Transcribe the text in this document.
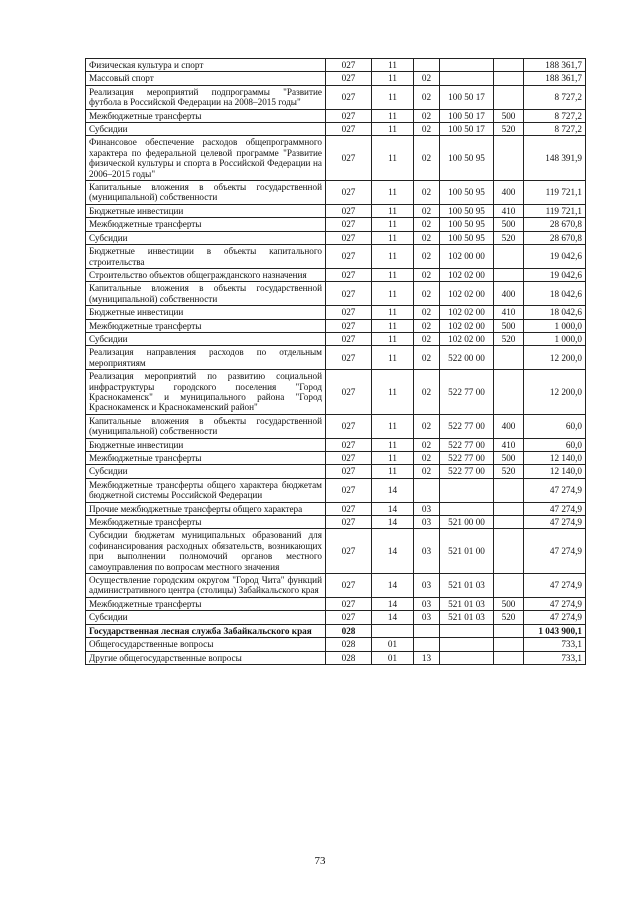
Физическая культура и спорт	027	11				188 361,7
Массовый спорт	027	11	02			188 361,7
Реализация мероприятий подпрограммы "Развитие футбола в Российской Федерации на 2008–2015 годы"	027	11	02	100 50 17		8 727,2
Межбюджетные трансферты	027	11	02	100 50 17	500	8 727,2
Субсидии	027	11	02	100 50 17	520	8 727,2
Финансовое обеспечение расходов общепрограммного характера по федеральной целевой программе "Развитие физической культуры и спорта в Российской Федерации на 2006–2015 годы"	027	11	02	100 50 95		148 391,9
Капитальные вложения в объекты государственной (муниципальной) собственности	027	11	02	100 50 95	400	119 721,1
Бюджетные инвестиции	027	11	02	100 50 95	410	119 721,1
Межбюджетные трансферты	027	11	02	100 50 95	500	28 670,8
Субсидии	027	11	02	100 50 95	520	28 670,8
Бюджетные инвестиции в объекты капитального строительства	027	11	02	102 00 00		19 042,6
Строительство объектов общегражданского назначения	027	11	02	102 02 00		19 042,6
Капитальные вложения в объекты государственной (муниципальной) собственности	027	11	02	102 02 00	400	18 042,6
Бюджетные инвестиции	027	11	02	102 02 00	410	18 042,6
Межбюджетные трансферты	027	11	02	102 02 00	500	1 000,0
Субсидии	027	11	02	102 02 00	520	1 000,0
Реализация направления расходов по отдельным мероприятиям	027	11	02	522 00 00		12 200,0
Реализация мероприятий по развитию социальной инфраструктуры городского поселения "Город Краснокаменск" и муниципального района "Город Краснокаменск и Краснокаменский район"	027	11	02	522 77 00		12 200,0
Капитальные вложения в объекты государственной (муниципальной) собственности	027	11	02	522 77 00	400	60,0
Бюджетные инвестиции	027	11	02	522 77 00	410	60,0
Межбюджетные трансферты	027	11	02	522 77 00	500	12 140,0
Субсидии	027	11	02	522 77 00	520	12 140,0
Межбюджетные трансферты общего характера бюджетам бюджетной системы Российской Федерации	027	14				47 274,9
Прочие межбюджетные трансферты общего характера	027	14	03			47 274,9
Межбюджетные трансферты	027	14	03	521 00 00		47 274,9
Субсидии бюджетам муниципальных образований для софинансирования расходных обязательств, возникающих при выполнении полномочий органов местного самоуправления по вопросам местного значения	027	14	03	521 01 00		47 274,9
Осуществление городским округом "Город Чита" функций административного центра (столицы) Забайкальского края	027	14	03	521 01 03		47 274,9
Межбюджетные трансферты	027	14	03	521 01 03	500	47 274,9
Субсидии	027	14	03	521 01 03	520	47 274,9
Государственная лесная служба Забайкальского края	028					1 043 900,1
Общегосударственные вопросы	028	01				733,1
Другие общегосударственные вопросы	028	01	13			733,1
73
